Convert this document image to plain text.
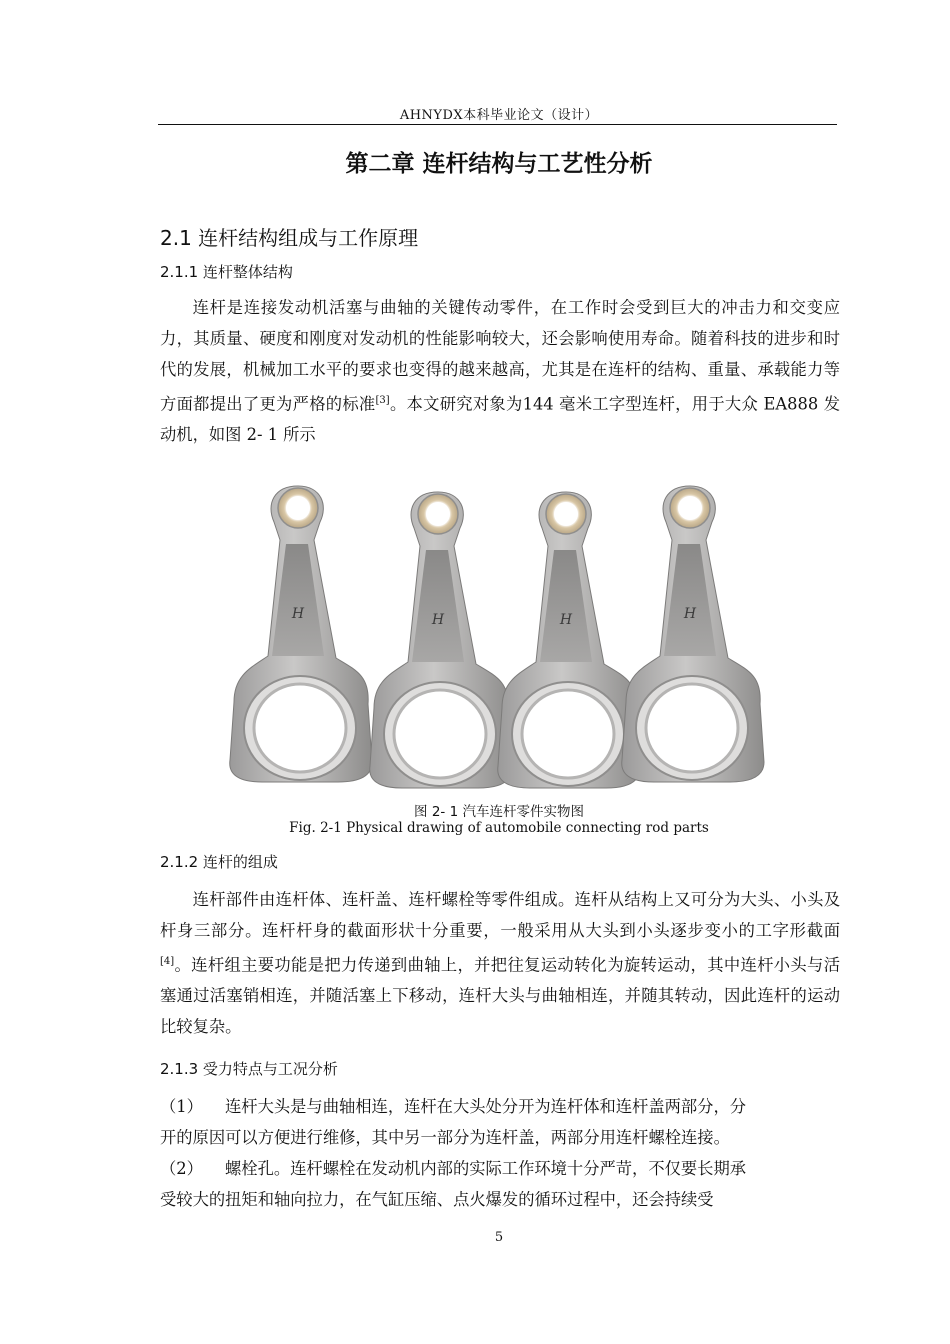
AHNYDX本科毕业论文（设计）
第二章 连杆结构与工艺性分析
2.1 连杆结构组成与工作原理
2.1.1 连杆整体结构
连杆是连接发动机活塞与曲轴的关键传动零件，在工作时会受到巨大的冲击力和交变应力，其质量、硬度和刚度对发动机的性能影响较大，还会影响使用寿命。随着科技的进步和时代的发展，机械加工水平的要求也变得的越来越高，尤其是在连杆的结构、重量、承载能力等方面都提出了更为严格的标准[3]。本文研究对象为144 毫米工字型连杆，用于大众 EA888 发动机，如图 2- 1 所示
图 2- 1 汽车连杆零件实物图
Fig. 2-1 Physical drawing of automobile connecting rod parts
2.1.2 连杆的组成
连杆部件由连杆体、连杆盖、连杆螺栓等零件组成。连杆从结构上又可分为大头、小头及杆身三部分。连杆杆身的截面形状十分重要，一般采用从大头到小头逐步变小的工字形截面[4]。连杆组主要功能是把力传递到曲轴上，并把往复运动转化为旋转运动，其中连杆小头与活塞通过活塞销相连，并随活塞上下移动，连杆大头与曲轴相连，并随其转动，因此连杆的运动比较复杂。
2.1.3 受力特点与工况分析
（1）	连杆大头是与曲轴相连，连杆在大头处分开为连杆体和连杆盖两部分，分
开的原因可以方便进行维修，其中另一部分为连杆盖，两部分用连杆螺栓连接。
（2）	螺栓孔。连杆螺栓在发动机内部的实际工作环境十分严苛，不仅要长期承
受较大的扭矩和轴向拉力，在气缸压缩、点火爆发的循环过程中，还会持续受
5
